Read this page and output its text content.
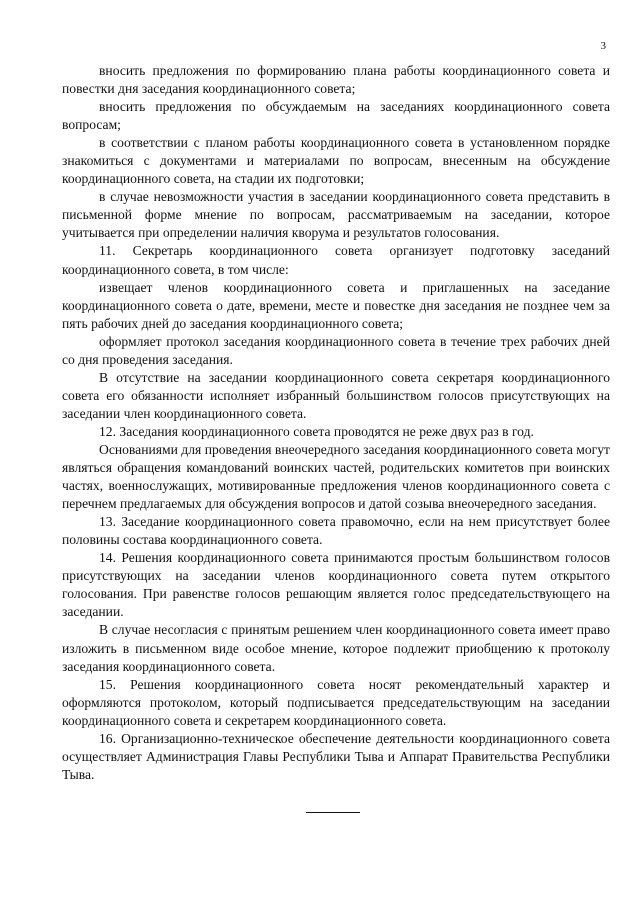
3

вносить предложения по формированию плана работы координационного совета и повестки дня заседания координационного совета;

вносить предложения по обсуждаемым на заседаниях координационного совета вопросам;

в соответствии с планом работы координационного совета в установленном порядке знакомиться с документами и материалами по вопросам, внесенным на обсуждение координационного совета, на стадии их подготовки;

в случае невозможности участия в заседании координационного совета представить в письменной форме мнение по вопросам, рассматриваемым на заседании, которое учитывается при определении наличия кворума и результатов голосования.

11. Секретарь координационного совета организует подготовку заседаний координационного совета, в том числе:

извещает членов координационного совета и приглашенных на заседание координационного совета о дате, времени, месте и повестке дня заседания не позднее чем за пять рабочих дней до заседания координационного совета;

оформляет протокол заседания координационного совета в течение трех рабочих дней со дня проведения заседания.

В отсутствие на заседании координационного совета секретаря координационного совета его обязанности исполняет избранный большинством голосов присутствующих на заседании член координационного совета.

12. Заседания координационного совета проводятся не реже двух раз в год.

Основаниями для проведения внеочередного заседания координационного совета могут являться обращения командований воинских частей, родительских комитетов при воинских частях, военнослужащих, мотивированные предложения членов координационного совета с перечнем предлагаемых для обсуждения вопросов и датой созыва внеочередного заседания.

13. Заседание координационного совета правомочно, если на нем присутствует более половины состава координационного совета.

14. Решения координационного совета принимаются простым большинством голосов присутствующих на заседании членов координационного совета путем открытого голосования. При равенстве голосов решающим является голос председательствующего на заседании.

В случае несогласия с принятым решением член координационного совета имеет право изложить в письменном виде особое мнение, которое подлежит приобщению к протоколу заседания координационного совета.

15. Решения координационного совета носят рекомендательный характер и оформляются протоколом, который подписывается председательствующим на заседании координационного совета и секретарем координационного совета.

16. Организационно-техническое обеспечение деятельности координационного совета осуществляет Администрация Главы Республики Тыва и Аппарат Правительства Республики Тыва.
